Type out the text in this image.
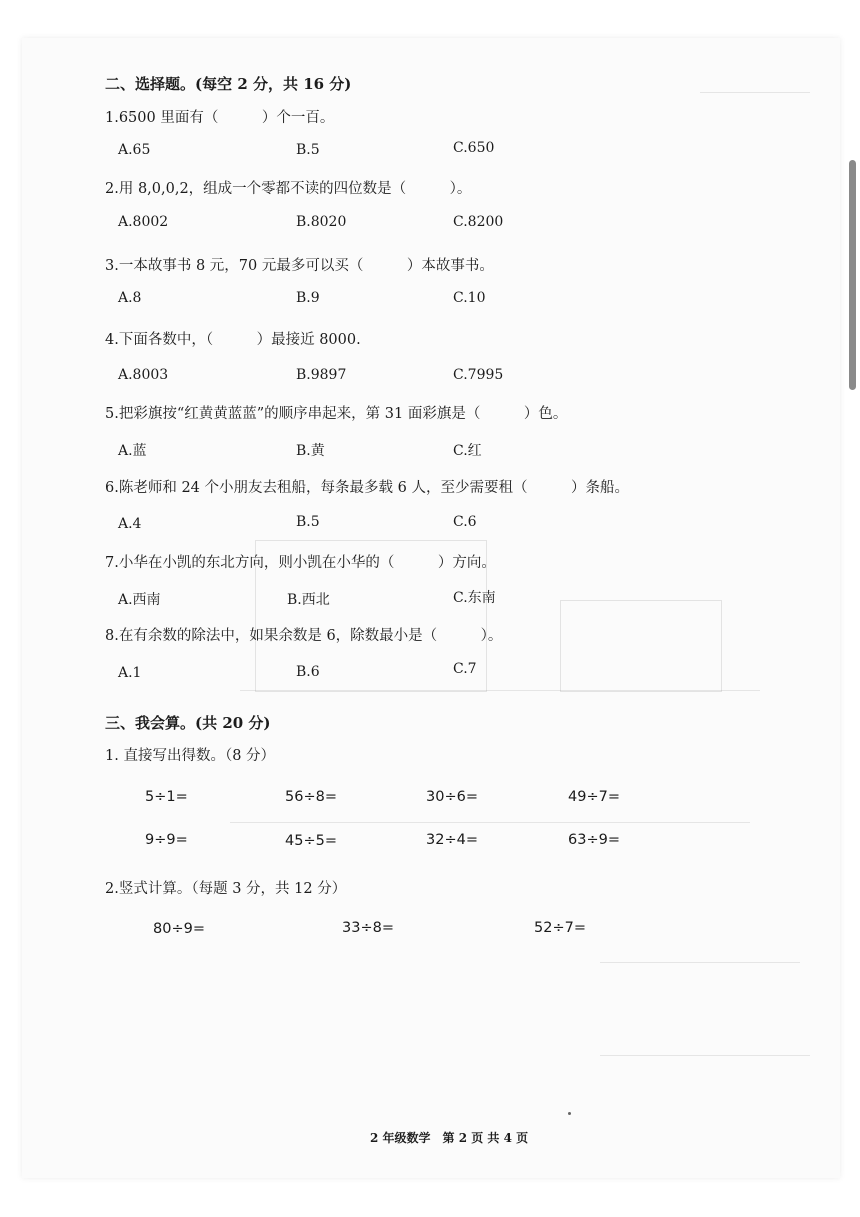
二、选择题。(每空 2 分，共 16 分)
1.6500 里面有（　　　）个一百。
A.65	B.5	C.650
2.用 8,0,0,2，组成一个零都不读的四位数是（　　　）。
A.8002	B.8020	C.8200
3.一本故事书 8 元，70 元最多可以买（　　　）本故事书。
A.8	B.9	C.10
4.下面各数中，（　　　）最接近 8000.
A.8003	B.9897	C.7995
5.把彩旗按“红黄黄蓝蓝”的顺序串起来，第 31 面彩旗是（　　　）色。
A.蓝	B.黄	C.红
6.陈老师和 24 个小朋友去租船，每条最多载 6 人，至少需要租（　　　）条船。
A.4	B.5	C.6
7.小华在小凯的东北方向，则小凯在小华的（　　　）方向。
A.西南	B.西北	C.东南
8.在有余数的除法中，如果余数是 6，除数最小是（　　　）。
A.1	B.6	C.7
三、我会算。(共 20 分)
1. 直接写出得数。（8 分）
5÷1=	56÷8=	30÷6=	49÷7=
9÷9=	45÷5=	32÷4=	63÷9=
2.竖式计算。（每题 3 分，共 12 分）
80÷9=	33÷8=	52÷7=
2 年级数学　第 2 页 共 4 页
